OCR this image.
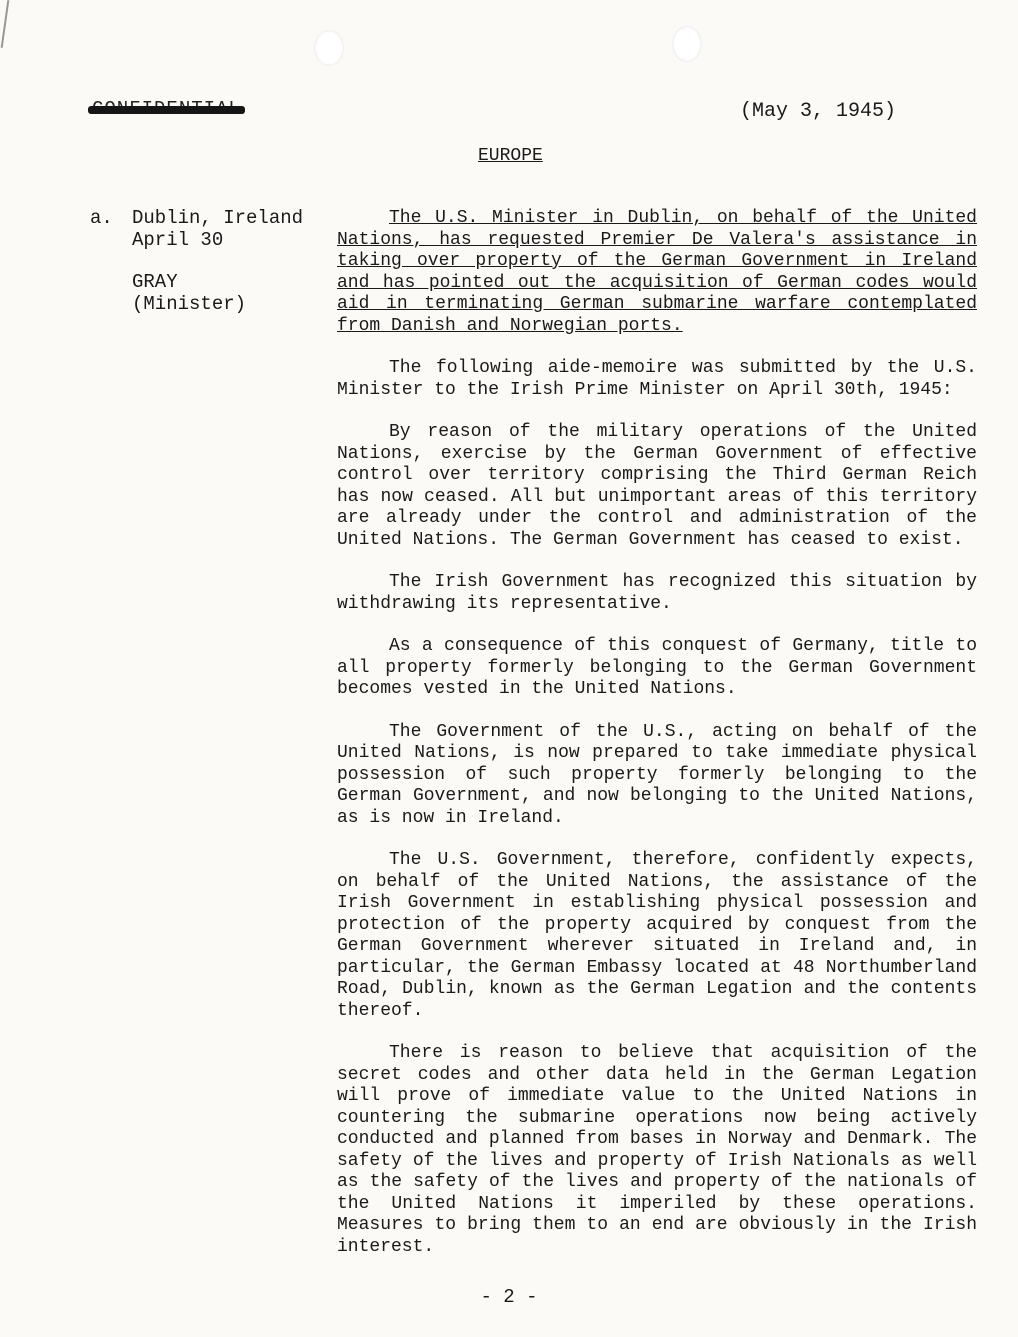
(May 3, 1945)
EUROPE
a.	Dublin, Ireland
April 30
GRAY
(Minister)

The U.S. Minister in Dublin, on behalf of the United Nations, has requested Premier De Valera's assistance in taking over property of the German Government in Ireland and has pointed out the acquisition of German codes would aid in terminating German submarine warfare contemplated from Danish and Norwegian ports.

The following aide-memoire was submitted by the U.S. Minister to the Irish Prime Minister on April 30th, 1945:

By reason of the military operations of the United Nations, exercise by the German Government of effective control over territory comprising the Third German Reich has now ceased. All but unimportant areas of this territory are already under the control and administration of the United Nations. The German Government has ceased to exist.

The Irish Government has recognized this situation by withdrawing its representative.

As a consequence of this conquest of Germany, title to all property formerly belonging to the German Government becomes vested in the United Nations.

The Government of the U.S., acting on behalf of the United Nations, is now prepared to take immediate physical possession of such property formerly belonging to the German Government, and now belonging to the United Nations, as is now in Ireland.

The U.S. Government, therefore, confidently expects, on behalf of the United Nations, the assistance of the Irish Government in establishing physical possession and protection of the property acquired by conquest from the German Government wherever situated in Ireland and, in particular, the German Embassy located at 48 Northumberland Road, Dublin, known as the German Legation and the contents thereof.

There is reason to believe that acquisition of the secret codes and other data held in the German Legation will prove of immediate value to the United Nations in countering the submarine operations now being actively conducted and planned from bases in Norway and Denmark. The safety of the lives and property of Irish Nationals as well as the safety of the lives and property of the nationals of the United Nations it imperiled by these operations. Measures to bring them to an end are obviously in the Irish interest.

- 2 -
